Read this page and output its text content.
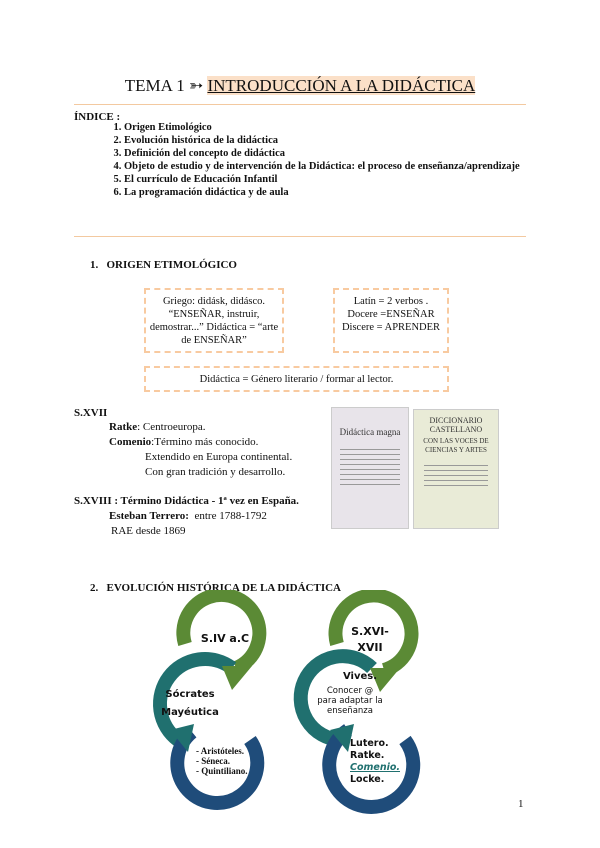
TEMA 1 ➳ INTRODUCCIÓN A LA DIDÁCTICA
ÍNDICE :
1. Origen Etimológico
2. Evolución histórica de la didáctica
3. Definición del concepto de didáctica
4. Objeto de estudio y de intervención de la Didáctica: el proceso de enseñanza/aprendizaje
5. El currículo de Educación Infantil
6. La programación didáctica y de aula
1.   ORIGEN ETIMOLÓGICO
Griego: didásk, didásco. “ENSEÑAR, instruir, demostrar...” Didáctica = “arte de ENSEÑAR”
Latín = 2 verbos .
Docere =ENSEÑAR
Discere = APRENDER
Didáctica = Género literario / formar al lector.
S.XVII
Ratke: Centroeuropa.
Comenio:Término más conocido.
Extendido en Europa continental.
Con gran tradición y desarrollo.
S.XVIII : Término Didáctica - 1ª vez en España.
Esteban Terrero: entre 1788-1792
RAE desde 1869
Didáctica magna
DICCIONARIO CASTELLANO
CON LAS VOCES DE CIENCIAS Y ARTES
2.   EVOLUCIÓN HISTÓRICA DE LA DIDÁCTICA
S.IV a.C
Sócrates
Mayéutica
- Aristóteles.
- Séneca.
- Quintiliano.
S.XVI-
XVII
Vives.
Conocer @
para adaptar la
enseñanza
Lutero.
Ratke.
Comenio.
Locke.
1
